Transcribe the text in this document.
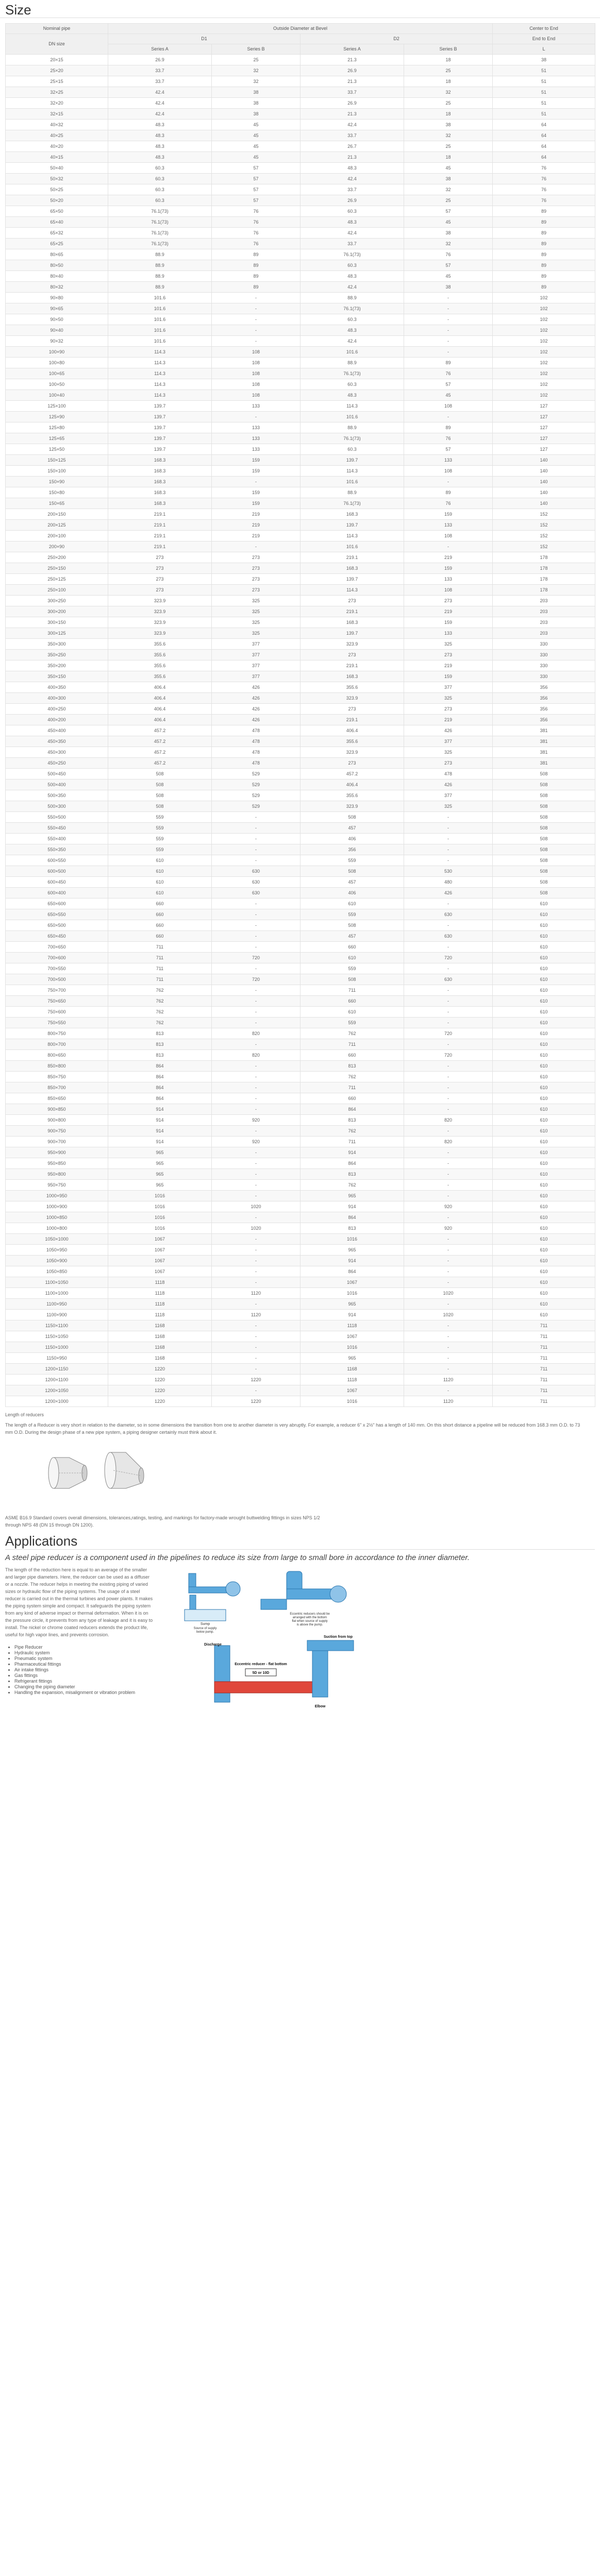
Size
Nominal pipe	Outside Diameter at Bevel				Center to End
DN size	D1		D2		End to End
	Series A	Series B	Series A	Series B	L
20×15	26.9	25	21.3	18	38
25×20	33.7	32	26.9	25	51
25×15	33.7	32	21.3	18	51
32×25	42.4	38	33.7	32	51
32×20	42.4	38	26.9	25	51
32×15	42.4	38	21.3	18	51
40×32	48.3	45	42.4	38	64
40×25	48.3	45	33.7	32	64
40×20	48.3	45	26.7	25	64
40×15	48.3	45	21.3	18	64
50×40	60.3	57	48.3	45	76
50×32	60.3	57	42.4	38	76
50×25	60.3	57	33.7	32	76
50×20	60.3	57	26.9	25	76
65×50	76.1(73)	76	60.3	57	89
65×40	76.1(73)	76	48.3	45	89
65×32	76.1(73)	76	42.4	38	89
65×25	76.1(73)	76	33.7	32	89
80×65	88.9	89	76.1(73)	76	89
80×50	88.9	89	60.3	57	89
80×40	88.9	89	48.3	45	89
80×32	88.9	89	42.4	38	89
90×80	101.6	-	88.9	-	102
90×65	101.6	-	76.1(73)	-	102
90×50	101.6	-	60.3	-	102
90×40	101.6	-	48.3	-	102
90×32	101.6	-	42.4	-	102
100×90	114.3	108	101.6	-	102
100×80	114.3	108	88.9	89	102
100×65	114.3	108	76.1(73)	76	102
100×50	114.3	108	60.3	57	102
100×40	114.3	108	48.3	45	102
125×100	139.7	133	114.3	108	127
125×90	139.7	-	101.6	-	127
125×80	139.7	133	88.9	89	127
125×65	139.7	133	76.1(73)	76	127
125×50	139.7	133	60.3	57	127
150×125	168.3	159	139.7	133	140
150×100	168.3	159	114.3	108	140
150×90	168.3	-	101.6	-	140
150×80	168.3	159	88.9	89	140
150×65	168.3	159	76.1(73)	76	140
200×150	219.1	219	168.3	159	152
200×125	219.1	219	139.7	133	152
200×100	219.1	219	114.3	108	152
200×90	219.1	-	101.6	-	152
250×200	273	273	219.1	219	178
250×150	273	273	168.3	159	178
250×125	273	273	139.7	133	178
250×100	273	273	114.3	108	178
300×250	323.9	325	273	273	203
300×200	323.9	325	219.1	219	203
300×150	323.9	325	168.3	159	203
300×125	323.9	325	139.7	133	203
350×300	355.6	377	323.9	325	330
350×250	355.6	377	273	273	330
350×200	355.6	377	219.1	219	330
350×150	355.6	377	168.3	159	330
400×350	406.4	426	355.6	377	356
400×300	406.4	426	323.9	325	356
400×250	406.4	426	273	273	356
400×200	406.4	426	219.1	219	356
450×400	457.2	478	406.4	426	381
450×350	457.2	478	355.6	377	381
450×300	457.2	478	323.9	325	381
450×250	457.2	478	273	273	381
500×450	508	529	457.2	478	508
500×400	508	529	406.4	426	508
500×350	508	529	355.6	377	508
500×300	508	529	323.9	325	508
550×500	559	-	508	-	508
550×450	559	-	457	-	508
550×400	559	-	406	-	508
550×350	559	-	356	-	508
600×550	610	-	559	-	508
600×500	610	630	508	530	508
600×450	610	630	457	480	508
600×400	610	630	406	426	508
650×600	660	-	610	-	610
650×550	660	-	559	630	610
650×500	660	-	508	-	610
650×450	660	-	457	630	610
700×650	711	-	660	-	610
700×600	711	720	610	720	610
700×550	711	-	559	-	610
700×500	711	720	508	630	610
750×700	762	-	711	-	610
750×650	762	-	660	-	610
750×600	762	-	610	-	610
750×550	762	-	559	-	610
800×750	813	820	762	720	610
800×700	813	-	711	-	610
800×650	813	820	660	720	610
850×800	864	-	813	-	610
850×750	864	-	762	-	610
850×700	864	-	711	-	610
850×650	864	-	660	-	610
900×850	914	-	864	-	610
900×800	914	920	813	820	610
900×750	914	-	762	-	610
900×700	914	920	711	820	610
950×900	965	-	914	-	610
950×850	965	-	864	-	610
950×800	965	-	813	-	610
950×750	965	-	762	-	610
1000×950	1016	-	965	-	610
1000×900	1016	1020	914	920	610
1000×850	1016	-	864	-	610
1000×800	1016	1020	813	920	610
1050×1000	1067	-	1016	-	610
1050×950	1067	-	965	-	610
1050×900	1067	-	914	-	610
1050×850	1067	-	864	-	610
1100×1050	1118	-	1067	-	610
1100×1000	1118	1120	1016	1020	610
1100×950	1118	-	965	-	610
1100×900	1118	1120	914	1020	610
1150×1100	1168	-	1118	-	711
1150×1050	1168	-	1067	-	711
1150×1000	1168	-	1016	-	711
1150×950	1168	-	965	-	711
1200×1150	1220	-	1168	-	711
1200×1100	1220	1220	1118	1120	711
1200×1050	1220	-	1067	-	711
1200×1000	1220	1220	1016	1120	711
Length of reducers
The length of a Reducer is very short in relation to the diameter, so in some dimensions the transition from one to another diameter is very abruptly. For example, a reducer 6" x 2½" has a length of 140 mm. On this short distance a pipeline will be reduced from 168.3 mm O.D. to 73 mm O.D. During the design phase of a new pipe system, a piping designer certainly must think about it.
ASME B16.9 Standard covers overall dimensions, tolerances,ratings, testing, and markings for factory-made wrought buttwelding fittings in sizes NPS 1/2 through NPS 48 (DN 15 through DN 1200).
Applications
A steel pipe reducer is a component used in the pipelines to reduce its size from large to small bore in accordance to the inner diameter.
The length of the reduction here is equal to an average of the smaller and larger pipe diameters. Here, the reducer can be used as a diffuser or a nozzle. The reducer helps in meeting the existing piping of varied sizes or hydraulic flow of the piping systems. The usage of a steel reducer is carried out in the thermal turbines and power plants. It makes the piping system simple and compact. It safeguards the piping system from any kind of adverse impact or thermal deformation. When it is on the pressure circle, it prevents from any type of leakage and it is easy to install. The nickel or chrome coated reducers extends the product life, useful for high vapor lines, and prevents corrosion.
• Pipe Reducer
• Hydraulic system
• Pneumatic system
• Pharmaceutical fittings
• Air intake fittings
• Gas fittings
• Refrigerant fittings
• Changing the piping diameter
• Handling the expansion, misalignment or vibration problem
Sump
Source of supply
below pump.
Eccentric reducers should be
arranged with the bottom
flat when source of supply
is above the pump.
Discharge
Eccentric reducer - flat bottom
Suction from top
5D or 10D
Elbow
